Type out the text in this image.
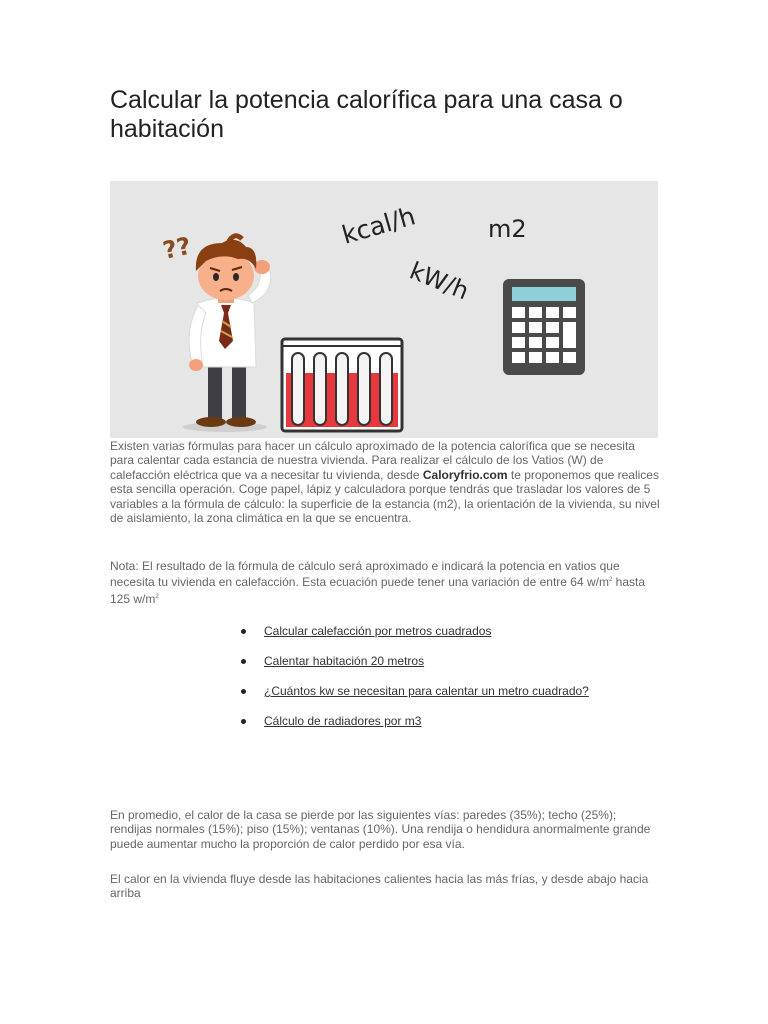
Calcular la potencia calorífica para una casa o habitación
kcal/h	m2
kW/h
??

Existen varias fórmulas para hacer un cálculo aproximado de la potencia calorífica que se necesita para calentar cada estancia de nuestra vivienda. Para realizar el cálculo de los Vatios (W) de calefacción eléctrica que va a necesitar tu vivienda, desde Caloryfrio.com te proponemos que realices esta sencilla operación. Coge papel, lápiz y calculadora porque tendrás que trasladar los valores de 5 variables a la fórmula de cálculo: la superficie de la estancia (m2), la orientación de la vivienda, su nivel de aislamiento, la zona climática en la que se encuentra.

Nota: El resultado de la fórmula de cálculo será aproximado e indicará la potencia en vatios que necesita tu vivienda en calefacción. Esta ecuación puede tener una variación de entre 64 $w/m^2$ hasta 125 $w/m^2$

Calcular calefacción por metros cuadrados
Calentar habitación 20 metros
¿Cuántos kw se necesitan para calentar un metro cuadrado?
Cálculo de radiadores por m3

En promedio, el calor de la casa se pierde por las siguientes vías: paredes (35%); techo (25%); rendijas normales (15%); piso (15%); ventanas (10%). Una rendija o hendidura anormalmente grande puede aumentar mucho la proporción de calor perdido por esa vía.

El calor en la vivienda fluye desde las habitaciones calientes hacia las más frías, y desde abajo hacia arriba
